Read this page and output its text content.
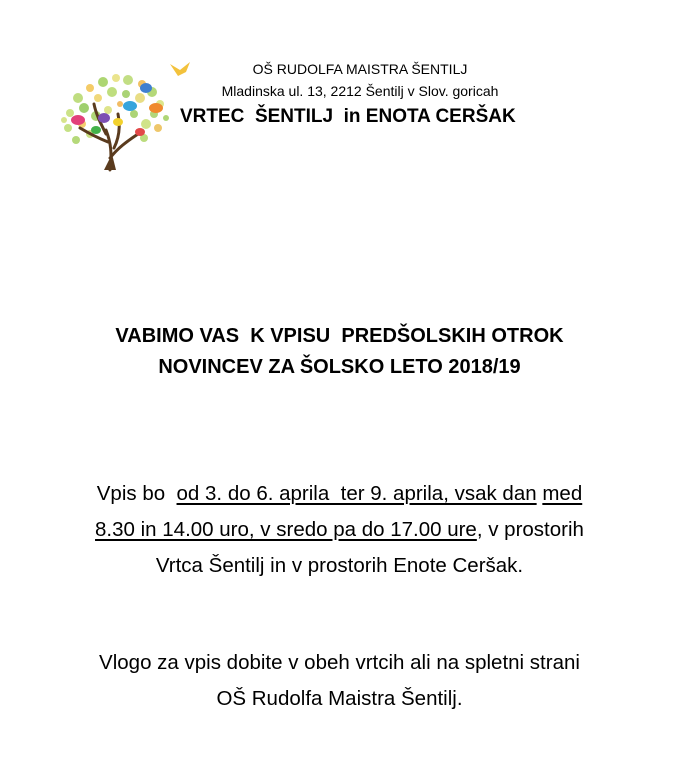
OŠ RUDOLFA MAISTRA ŠENTILJ
Mladinska ul. 13, 2212 Šentilj v Slov. goricah
VRTEC  ŠENTILJ  in ENOTA CERŠAK
VABIMO VAS  K VPISU  PREDŠOLSKIH OTROK
NOVINCEV ZA ŠOLSKO LETO 2018/19
Vpis bo  od 3. do 6. aprila  ter 9. aprila, vsak dan med
8.30 in 14.00 uro, v sredo pa do 17.00 ure, v prostorih
Vrtca Šentilj in v prostorih Enote Ceršak.
Vlogo za vpis dobite v obeh vrtcih ali na spletni strani
OŠ Rudolfa Maistra Šentilj.
